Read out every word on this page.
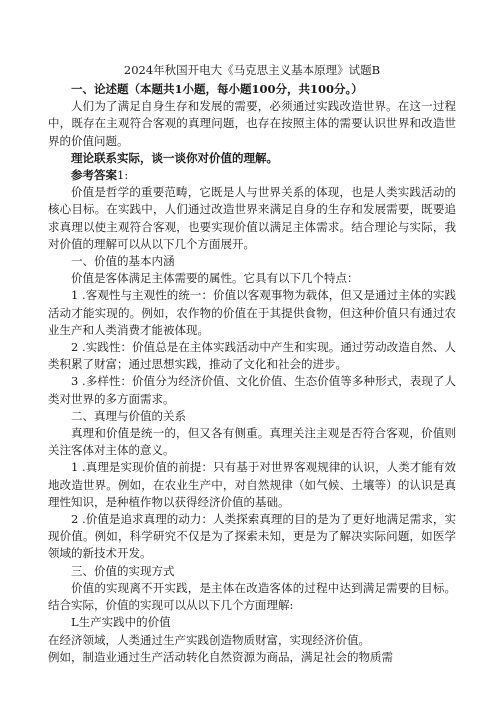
2024年秋国开电大《马克思主义基本原理》试题B

一、论述题（本题共1小题，每小题100分，共100分。）

人们为了满足自身生存和发展的需要，必须通过实践改造世界。在这一过程中，既存在主观符合客观的真理问题，也存在按照主体的需要认识世界和改造世界的价值问题。

理论联系实际，谈一谈你对价值的理解。

参考答案1:

价值是哲学的重要范畴，它既是人与世界关系的体现，也是人类实践活动的核心目标。在实践中，人们通过改造世界来满足自身的生存和发展需要，既要追求真理以使主观符合客观，也要实现价值以满足主体需求。结合理论与实际，我对价值的理解可以从以下几个方面展开。

一、价值的基本内涵

价值是客体满足主体需要的属性。它具有以下几个特点：

1 .客观性与主观性的统一：价值以客观事物为载体，但又是通过主体的实践活动才能实现的。例如，农作物的价值在于其提供食物，但这种价值只有通过农业生产和人类消费才能被体现。

2 .实践性：价值总是在主体实践活动中产生和实现。通过劳动改造自然、人类积累了财富；通过思想实践，推动了文化和社会的进步。

3 .多样性：价值分为经济价值、文化价值、生态价值等多种形式，表现了人类对世界的多方面需求。

二、真理与价值的关系

真理和价值是统一的，但又各有侧重。真理关注主观是否符合客观，价值则关注客体对主体的意义。

1 .真理是实现价值的前提：只有基于对世界客观规律的认识，人类才能有效地改造世界。例如，在农业生产中，对自然规律（如气候、土壤等）的认识是真理性知识，是种植作物以获得经济价值的基础。

2 .价值是追求真理的动力：人类探索真理的目的是为了更好地满足需求，实现价值。例如，科学研究不仅是为了探索未知，更是为了解决实际问题，如医学领域的新技术开发。

三、价值的实现方式

价值的实现离不开实践，是主体在改造客体的过程中达到满足需要的目标。结合实际，价值的实现可以从以下几个方面理解:

L生产实践中的价值

在经济领域，人类通过生产实践创造物质财富，实现经济价值。

例如，制造业通过生产活动转化自然资源为商品，满足社会的物质需
